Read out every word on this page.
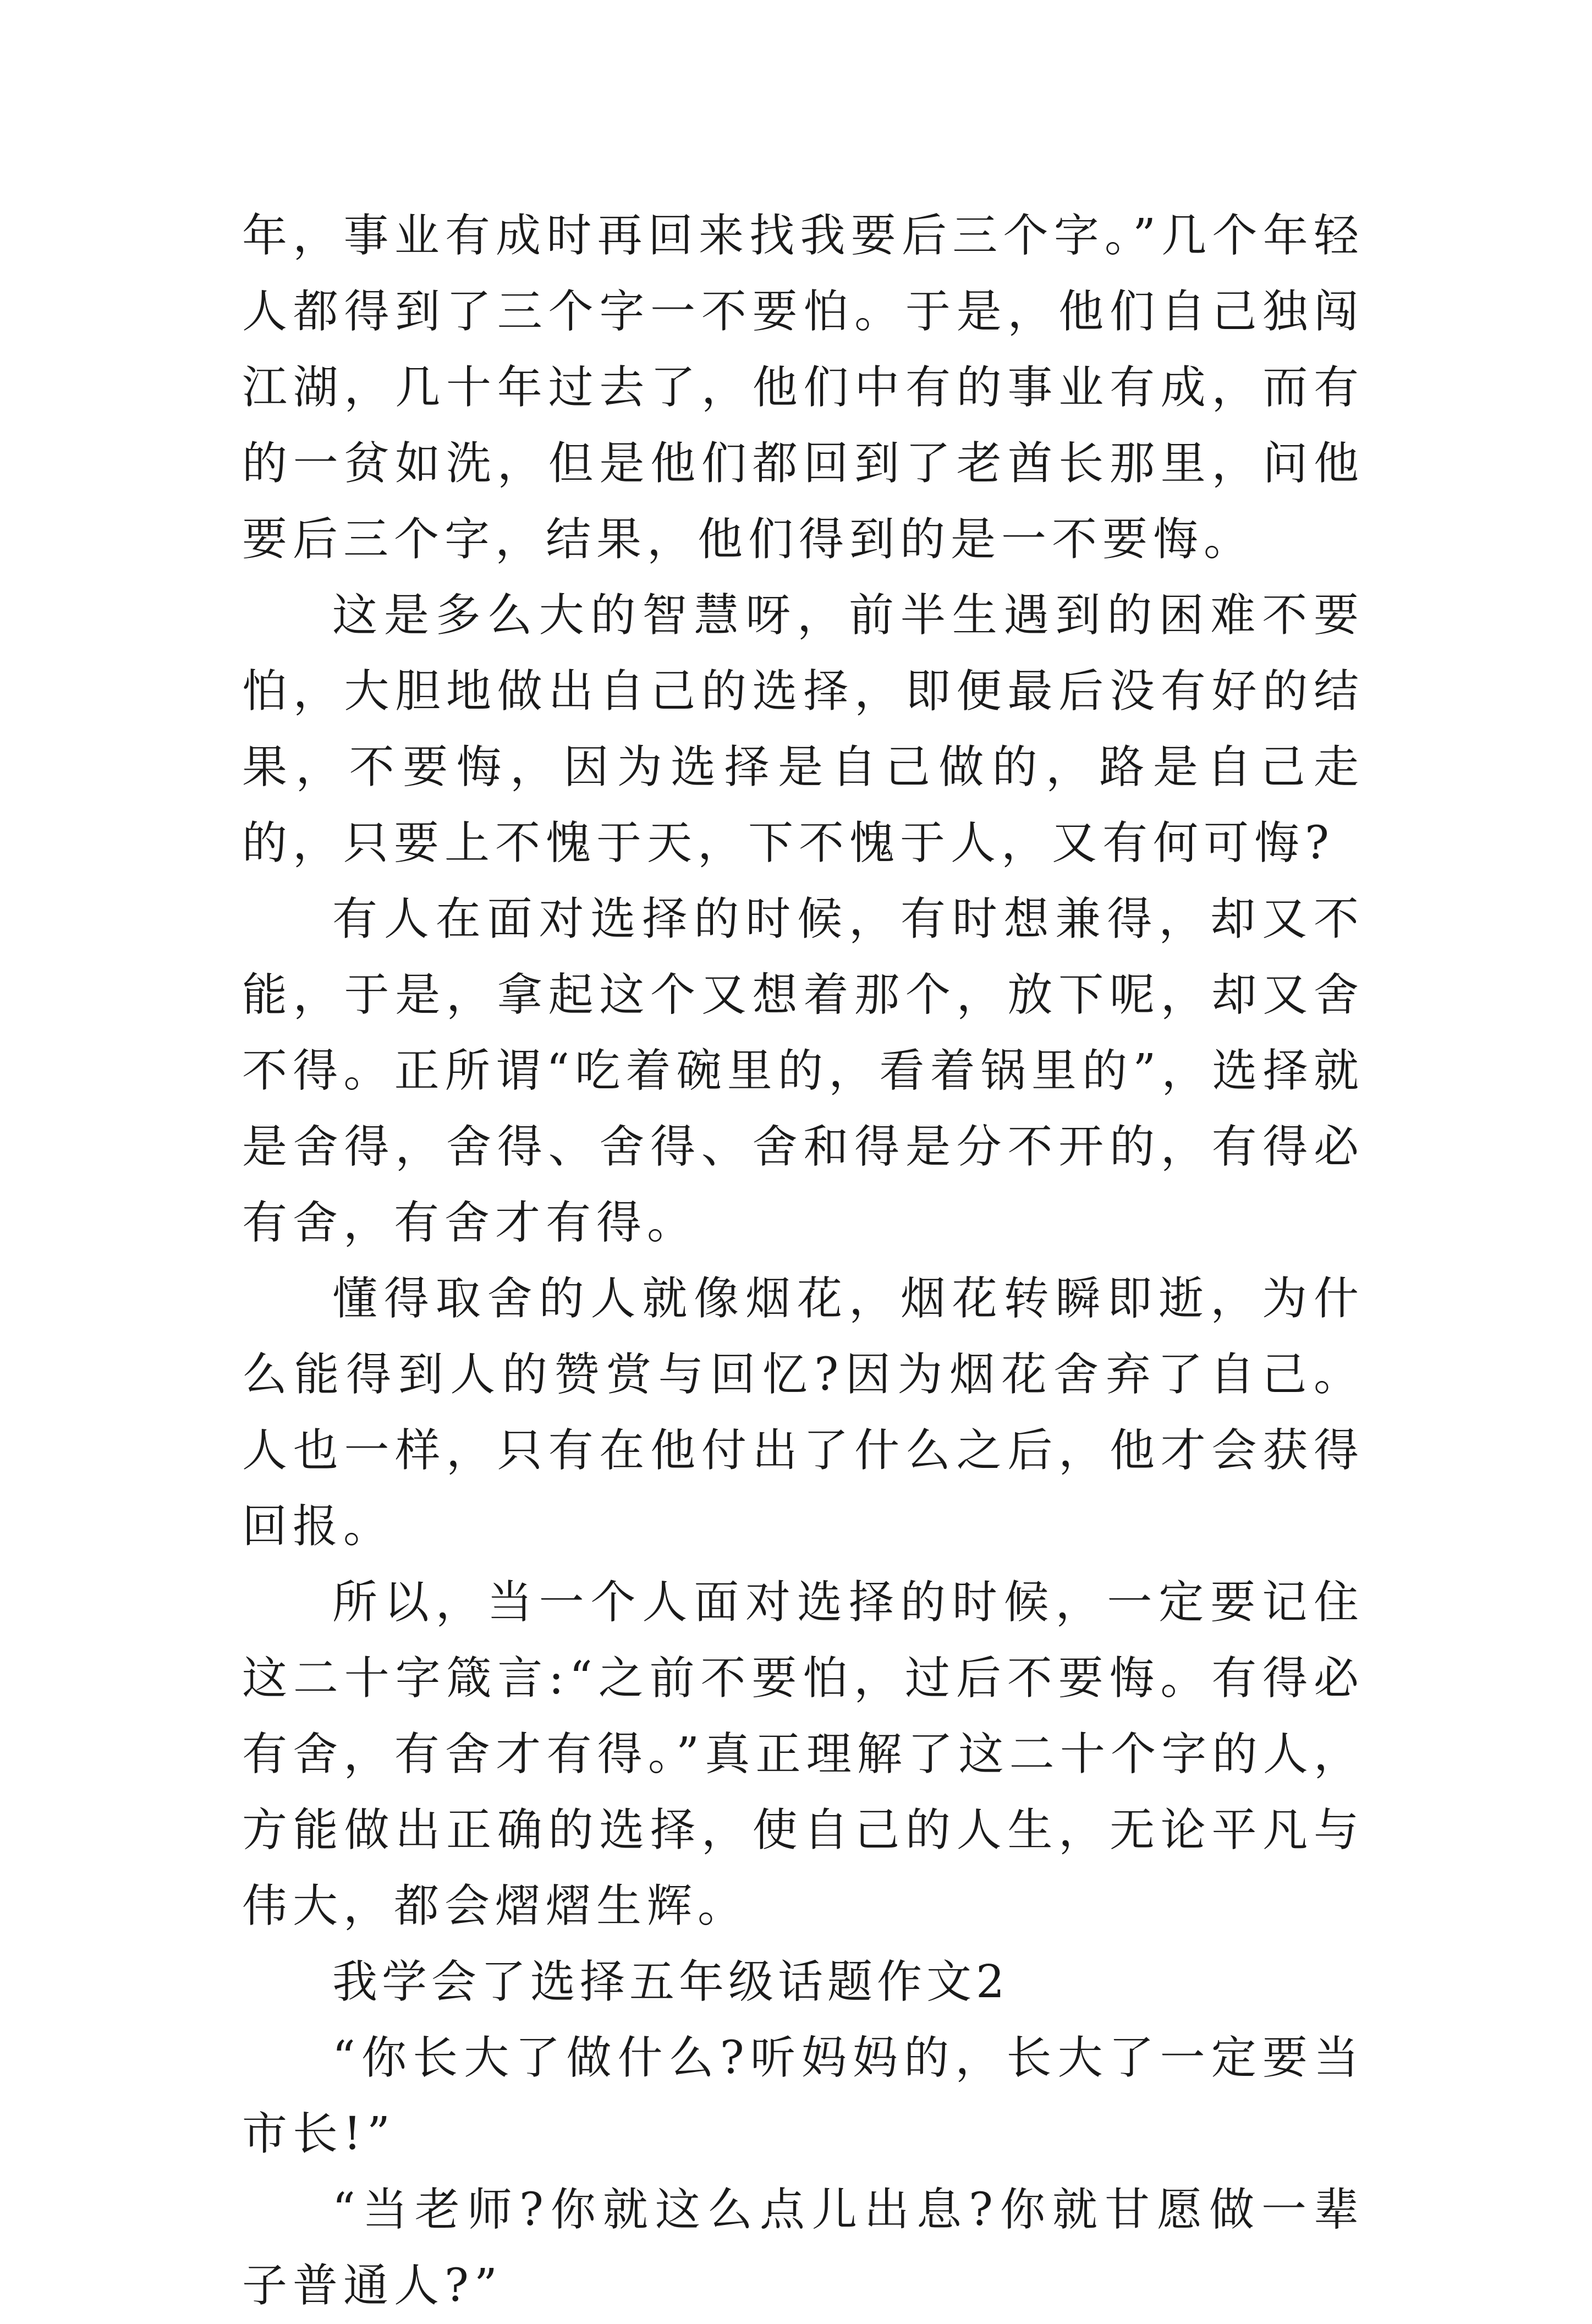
年，事业有成时再回来找我要后三个字。”几个年轻人都得到了三个字一不要怕。于是，他们自己独闯江湖，几十年过去了，他们中有的事业有成，而有的一贫如洗，但是他们都回到了老酋长那里，问他要后三个字，结果，他们得到的是一不要悔。

这是多么大的智慧呀，前半生遇到的困难不要怕，大胆地做出自己的选择，即便最后没有好的结果，不要悔，因为选择是自己做的，路是自己走的，只要上不愧于天，下不愧于人，又有何可悔?

有人在面对选择的时候，有时想兼得，却又不能，于是，拿起这个又想着那个，放下呢，却又舍不得。正所谓“吃着碗里的，看着锅里的”，选择就是舍得，舍得、舍得、舍和得是分不开的，有得必有舍，有舍才有得。

懂得取舍的人就像烟花，烟花转瞬即逝，为什么能得到人的赞赏与回忆?因为烟花舍弃了自己。人也一样，只有在他付出了什么之后，他才会获得回报。

所以，当一个人面对选择的时候，一定要记住这二十字箴言:“之前不要怕，过后不要悔。有得必有舍，有舍才有得。”真正理解了这二十个字的人，方能做出正确的选择，使自己的人生，无论平凡与伟大，都会熠熠生辉。

我学会了选择五年级话题作文2

“你长大了做什么?听妈妈的，长大了一定要当市长!”

“当老师?你就这么点儿出息?你就甘愿做一辈子普通人?”
